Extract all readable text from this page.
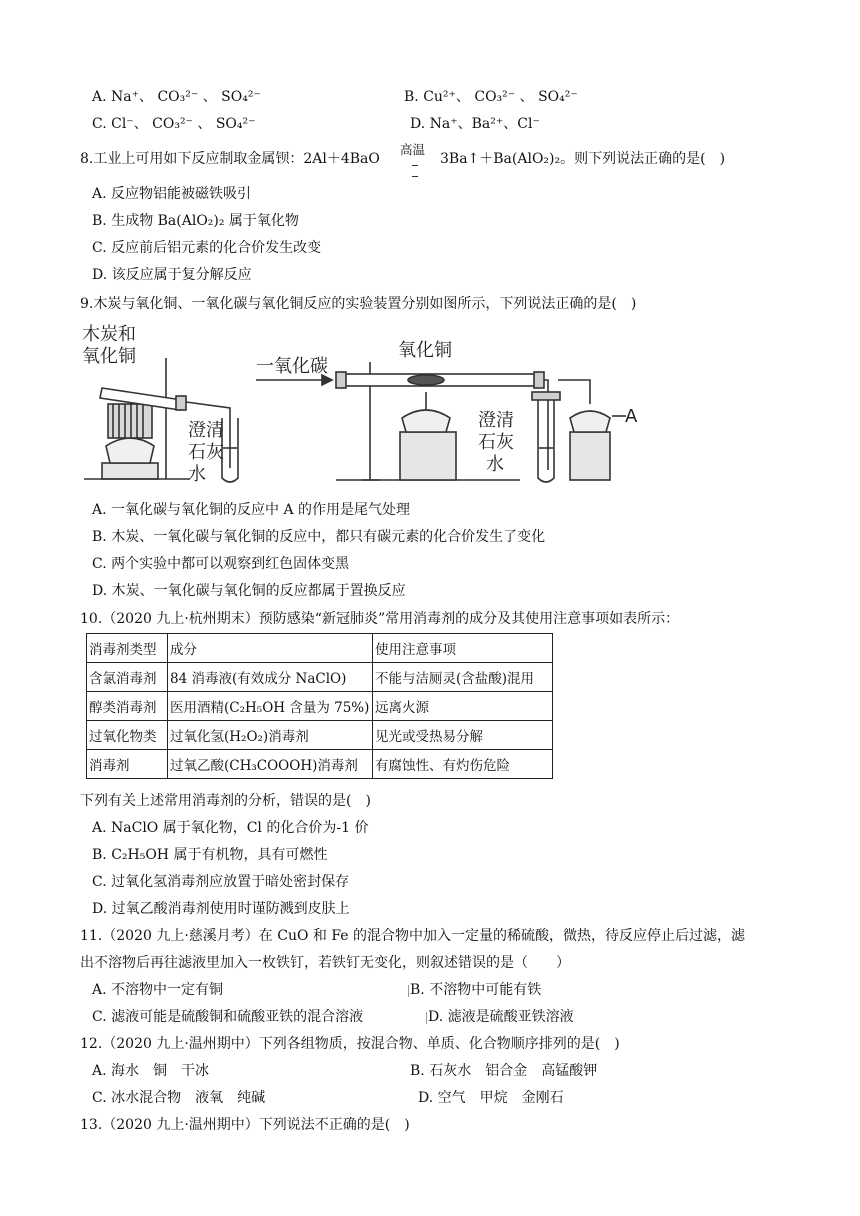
A. Na⁺、 CO₃²⁻ 、 SO₄²⁻	B. Cu²⁺、 CO₃²⁻ 、 SO₄²⁻
C. Cl⁻、 CO₃²⁻ 、 SO₄²⁻	D. Na⁺、Ba²⁺、Cl⁻
8.工业上可用如下反应制取金属钡：2Al＋4BaO
高温
3Ba↑＋Ba(AlO₂)₂。则下列说法正确的是(　)
A. 反应物铝能被磁铁吸引
B. 生成物 Ba(AlO₂)₂ 属于氧化物
C. 反应前后铝元素的化合价发生改变
D. 该反应属于复分解反应
9.木炭与氧化铜、一氧化碳与氧化铜反应的实验装置分别如图所示，下列说法正确的是(　)
木炭和
氧化铜	一氧化碳
氧化铜
澄清
石灰
水
澄清
石灰
水
A
A. 一氧化碳与氧化铜的反应中 A 的作用是尾气处理
B. 木炭、一氧化碳与氧化铜的反应中，都只有碳元素的化合价发生了变化
C. 两个实验中都可以观察到红色固体变黑
D. 木炭、一氧化碳与氧化铜的反应都属于置换反应
10.（2020 九上·杭州期末）预防感染“新冠肺炎”常用消毒剂的成分及其使用注意事项如表所示：
消毒剂类型	成分	使用注意事项
含氯消毒剂	84 消毒液(有效成分 NaClO)	不能与洁厕灵(含盐酸)混用
醇类消毒剂	医用酒精(C₂H₅OH 含量为 75%)	远离火源
过氧化物类	过氧化氢(H₂O₂)消毒剂	见光或受热易分解
消毒剂	过氧乙酸(CH₃COOOH)消毒剂	有腐蚀性、有灼伤危险
下列有关上述常用消毒剂的分析，错误的是(　)
A. NaClO 属于氧化物，Cl 的化合价为-1 价
B. C₂H₅OH 属于有机物，具有可燃性
C. 过氧化氢消毒剂应放置于暗处密封保存
D. 过氧乙酸消毒剂使用时谨防溅到皮肤上
11.（2020 九上·慈溪月考）在 CuO 和 Fe 的混合物中加入一定量的稀硫酸，微热，待反应停止后过滤，滤
出不溶物后再往滤液里加入一枚铁钉，若铁钉无变化，则叙述错误的是（　　）
A. 不溶物中一定有铜	B. 不溶物中可能有铁
C. 滤液可能是硫酸铜和硫酸亚铁的混合溶液	D. 滤液是硫酸亚铁溶液
12.（2020 九上·温州期中）下列各组物质，按混合物、单质、化合物顺序排列的是(　)
A. 海水　铜　干冰	B. 石灰水　铝合金　高锰酸钾
C. 冰水混合物　液氧　纯碱	D. 空气　甲烷　金刚石
13.（2020 九上·温州期中）下列说法不正确的是(　)
